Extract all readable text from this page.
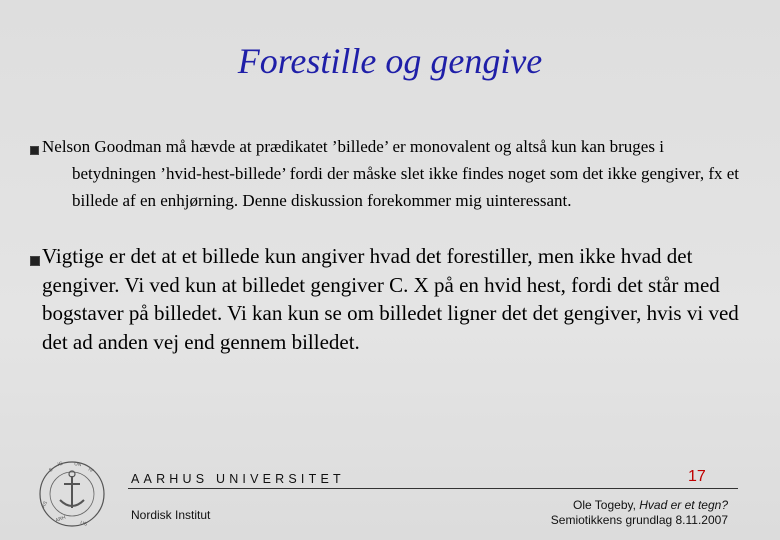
Forestille og gengive
Nelson Goodman må hævde at prædikatet ’billede’ er monovalent og altså kun kan bruges i betydningen ’hvid-hest-billede’ fordi der måske slet ikke findes noget som det ikke gengiver, fx et billede af en enhjørning. Denne diskussion forekommer mig uinteressant.
Vigtige er det at et billede kun angiver hvad det forestiller, men ikke hvad det gengiver. Vi ved kun at billedet gengiver C. X på en hvid hest, fordi det står med bogstaver på billedet. Vi kan kun se om billedet ligner det det gengiver, hvis vi ved det ad anden vej end gennem billedet.
S
IG UN
IV
AS
ARH
US
AARHUS UNIVERSITET	17
Nordisk Institut
Ole Togeby, Hvad er et tegn?
Semiotikkens grundlag 8.11.2007
